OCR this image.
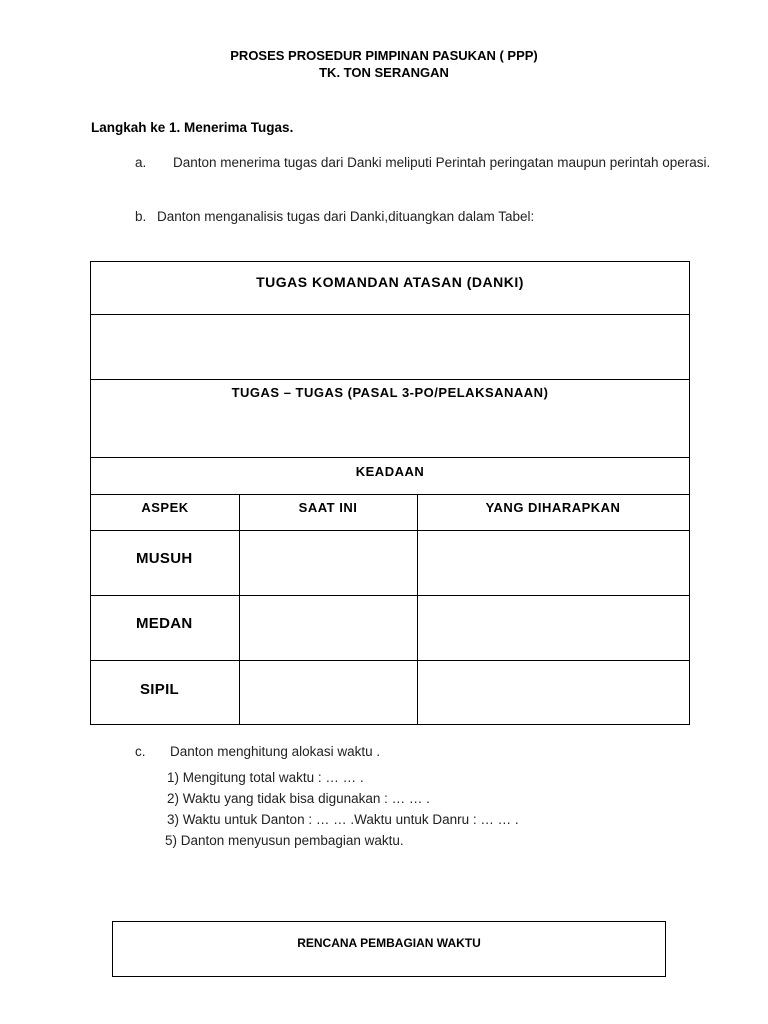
PROSES PROSEDUR PIMPINAN PASUKAN ( PPP)
TK. TON SERANGAN
Langkah ke 1. Menerima Tugas.
a. Danton menerima tugas dari Danki meliputi Perintah peringatan maupun perintah operasi.
b. Danton menganalisis tugas dari Danki,dituangkan dalam Tabel:
TUGAS KOMANDAN ATASAN (DANKI)
TUGAS – TUGAS (PASAL 3-PO/PELAKSANAAN)
KEADAAN
ASPEK	SAAT INI	YANG DIHARAPKAN
MUSUH
MEDAN
SIPIL
c. Danton menghitung alokasi waktu .
1) Mengitung total waktu : … … .
2) Waktu yang tidak bisa digunakan : … … .
3) Waktu untuk Danton : … … .Waktu untuk Danru : … … .
5) Danton menyusun pembagian waktu.
RENCANA PEMBAGIAN WAKTU
